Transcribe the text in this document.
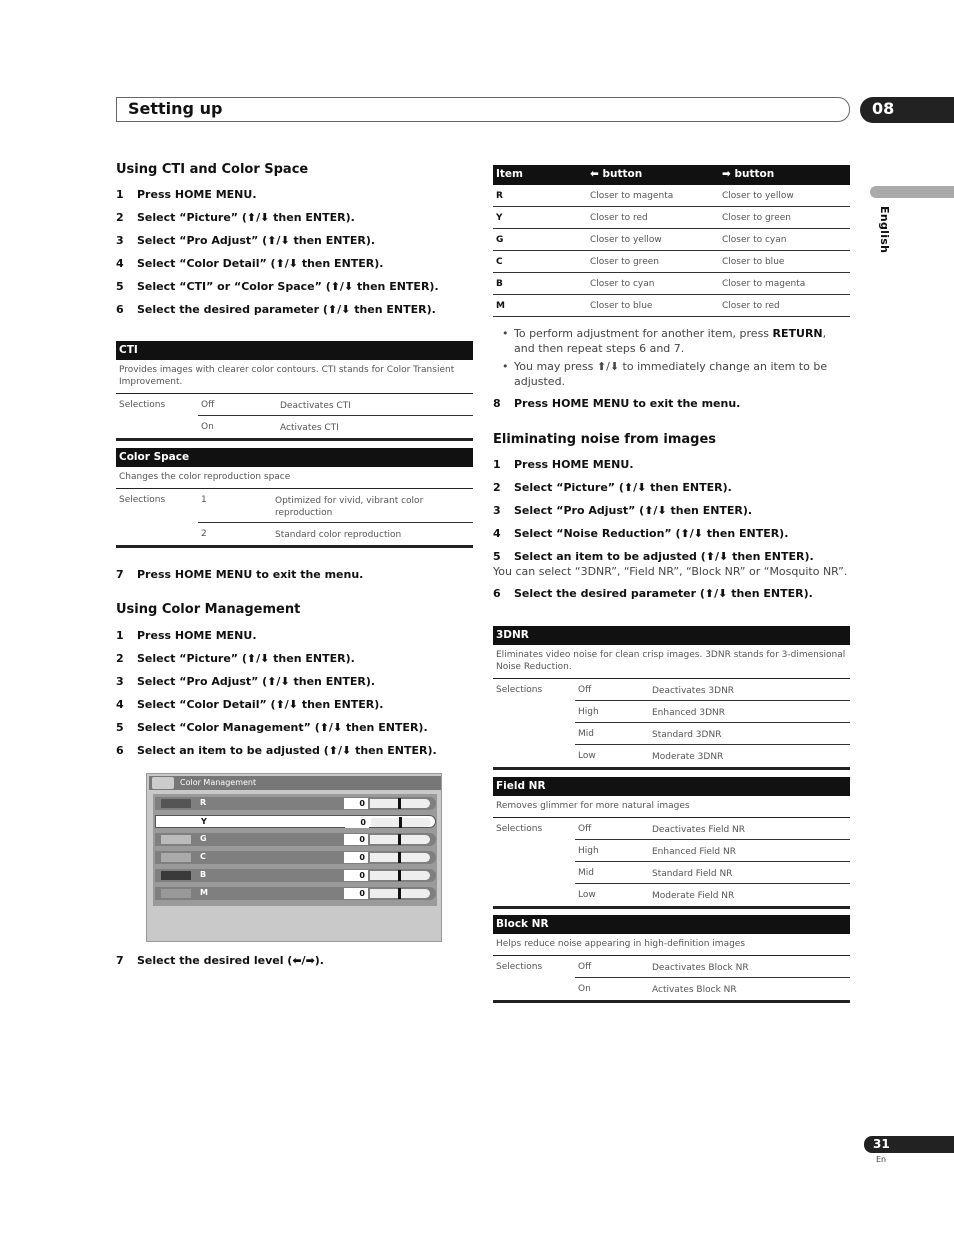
Setting up	08
English
Using CTI and Color Space
1 Press HOME MENU.
2 Select “Picture” (⬆/⬇ then ENTER).
3 Select “Pro Adjust” (⬆/⬇ then ENTER).
4 Select “Color Detail” (⬆/⬇ then ENTER).
5 Select “CTI” or “Color Space” (⬆/⬇ then ENTER).
6 Select the desired parameter (⬆/⬇ then ENTER).
CTI
Provides images with clearer color contours. CTI stands for Color Transient Improvement.
Selections	Off	Deactivates CTI
On	Activates CTI
Color Space
Changes the color reproduction space
Selections	1	Optimized for vivid, vibrant color reproduction
2	Standard color reproduction
7 Press HOME MENU to exit the menu.
Using Color Management
1 Press HOME MENU.
2 Select “Picture” (⬆/⬇ then ENTER).
3 Select “Pro Adjust” (⬆/⬇ then ENTER).
4 Select “Color Detail” (⬆/⬇ then ENTER).
5 Select “Color Management” (⬆/⬇ then ENTER).
6 Select an item to be adjusted (⬆/⬇ then ENTER).
Color Management
R	0
Y	0
G	0
C	0
B	0
M	0
7 Select the desired level (⬅/➡).
Item	⬅ button	➡ button
R	Closer to magenta	Closer to yellow
Y	Closer to red	Closer to green
G	Closer to yellow	Closer to cyan
C	Closer to green	Closer to blue
B	Closer to cyan	Closer to magenta
M	Closer to blue	Closer to red
• To perform adjustment for another item, press RETURN, and then repeat steps 6 and 7.
• You may press ⬆/⬇ to immediately change an item to be adjusted.
8 Press HOME MENU to exit the menu.
Eliminating noise from images
1 Press HOME MENU.
2 Select “Picture” (⬆/⬇ then ENTER).
3 Select “Pro Adjust” (⬆/⬇ then ENTER).
4 Select “Noise Reduction” (⬆/⬇ then ENTER).
5 Select an item to be adjusted (⬆/⬇ then ENTER).
You can select “3DNR”, “Field NR”, “Block NR” or “Mosquito NR”.
6 Select the desired parameter (⬆/⬇ then ENTER).
3DNR
Eliminates video noise for clean crisp images. 3DNR stands for 3-dimensional Noise Reduction.
Selections	Off	Deactivates 3DNR
High	Enhanced 3DNR
Mid	Standard 3DNR
Low	Moderate 3DNR
Field NR
Removes glimmer for more natural images
Selections	Off	Deactivates Field NR
High	Enhanced Field NR
Mid	Standard Field NR
Low	Moderate Field NR
Block NR
Helps reduce noise appearing in high-definition images
Selections	Off	Deactivates Block NR
On	Activates Block NR
31
En
